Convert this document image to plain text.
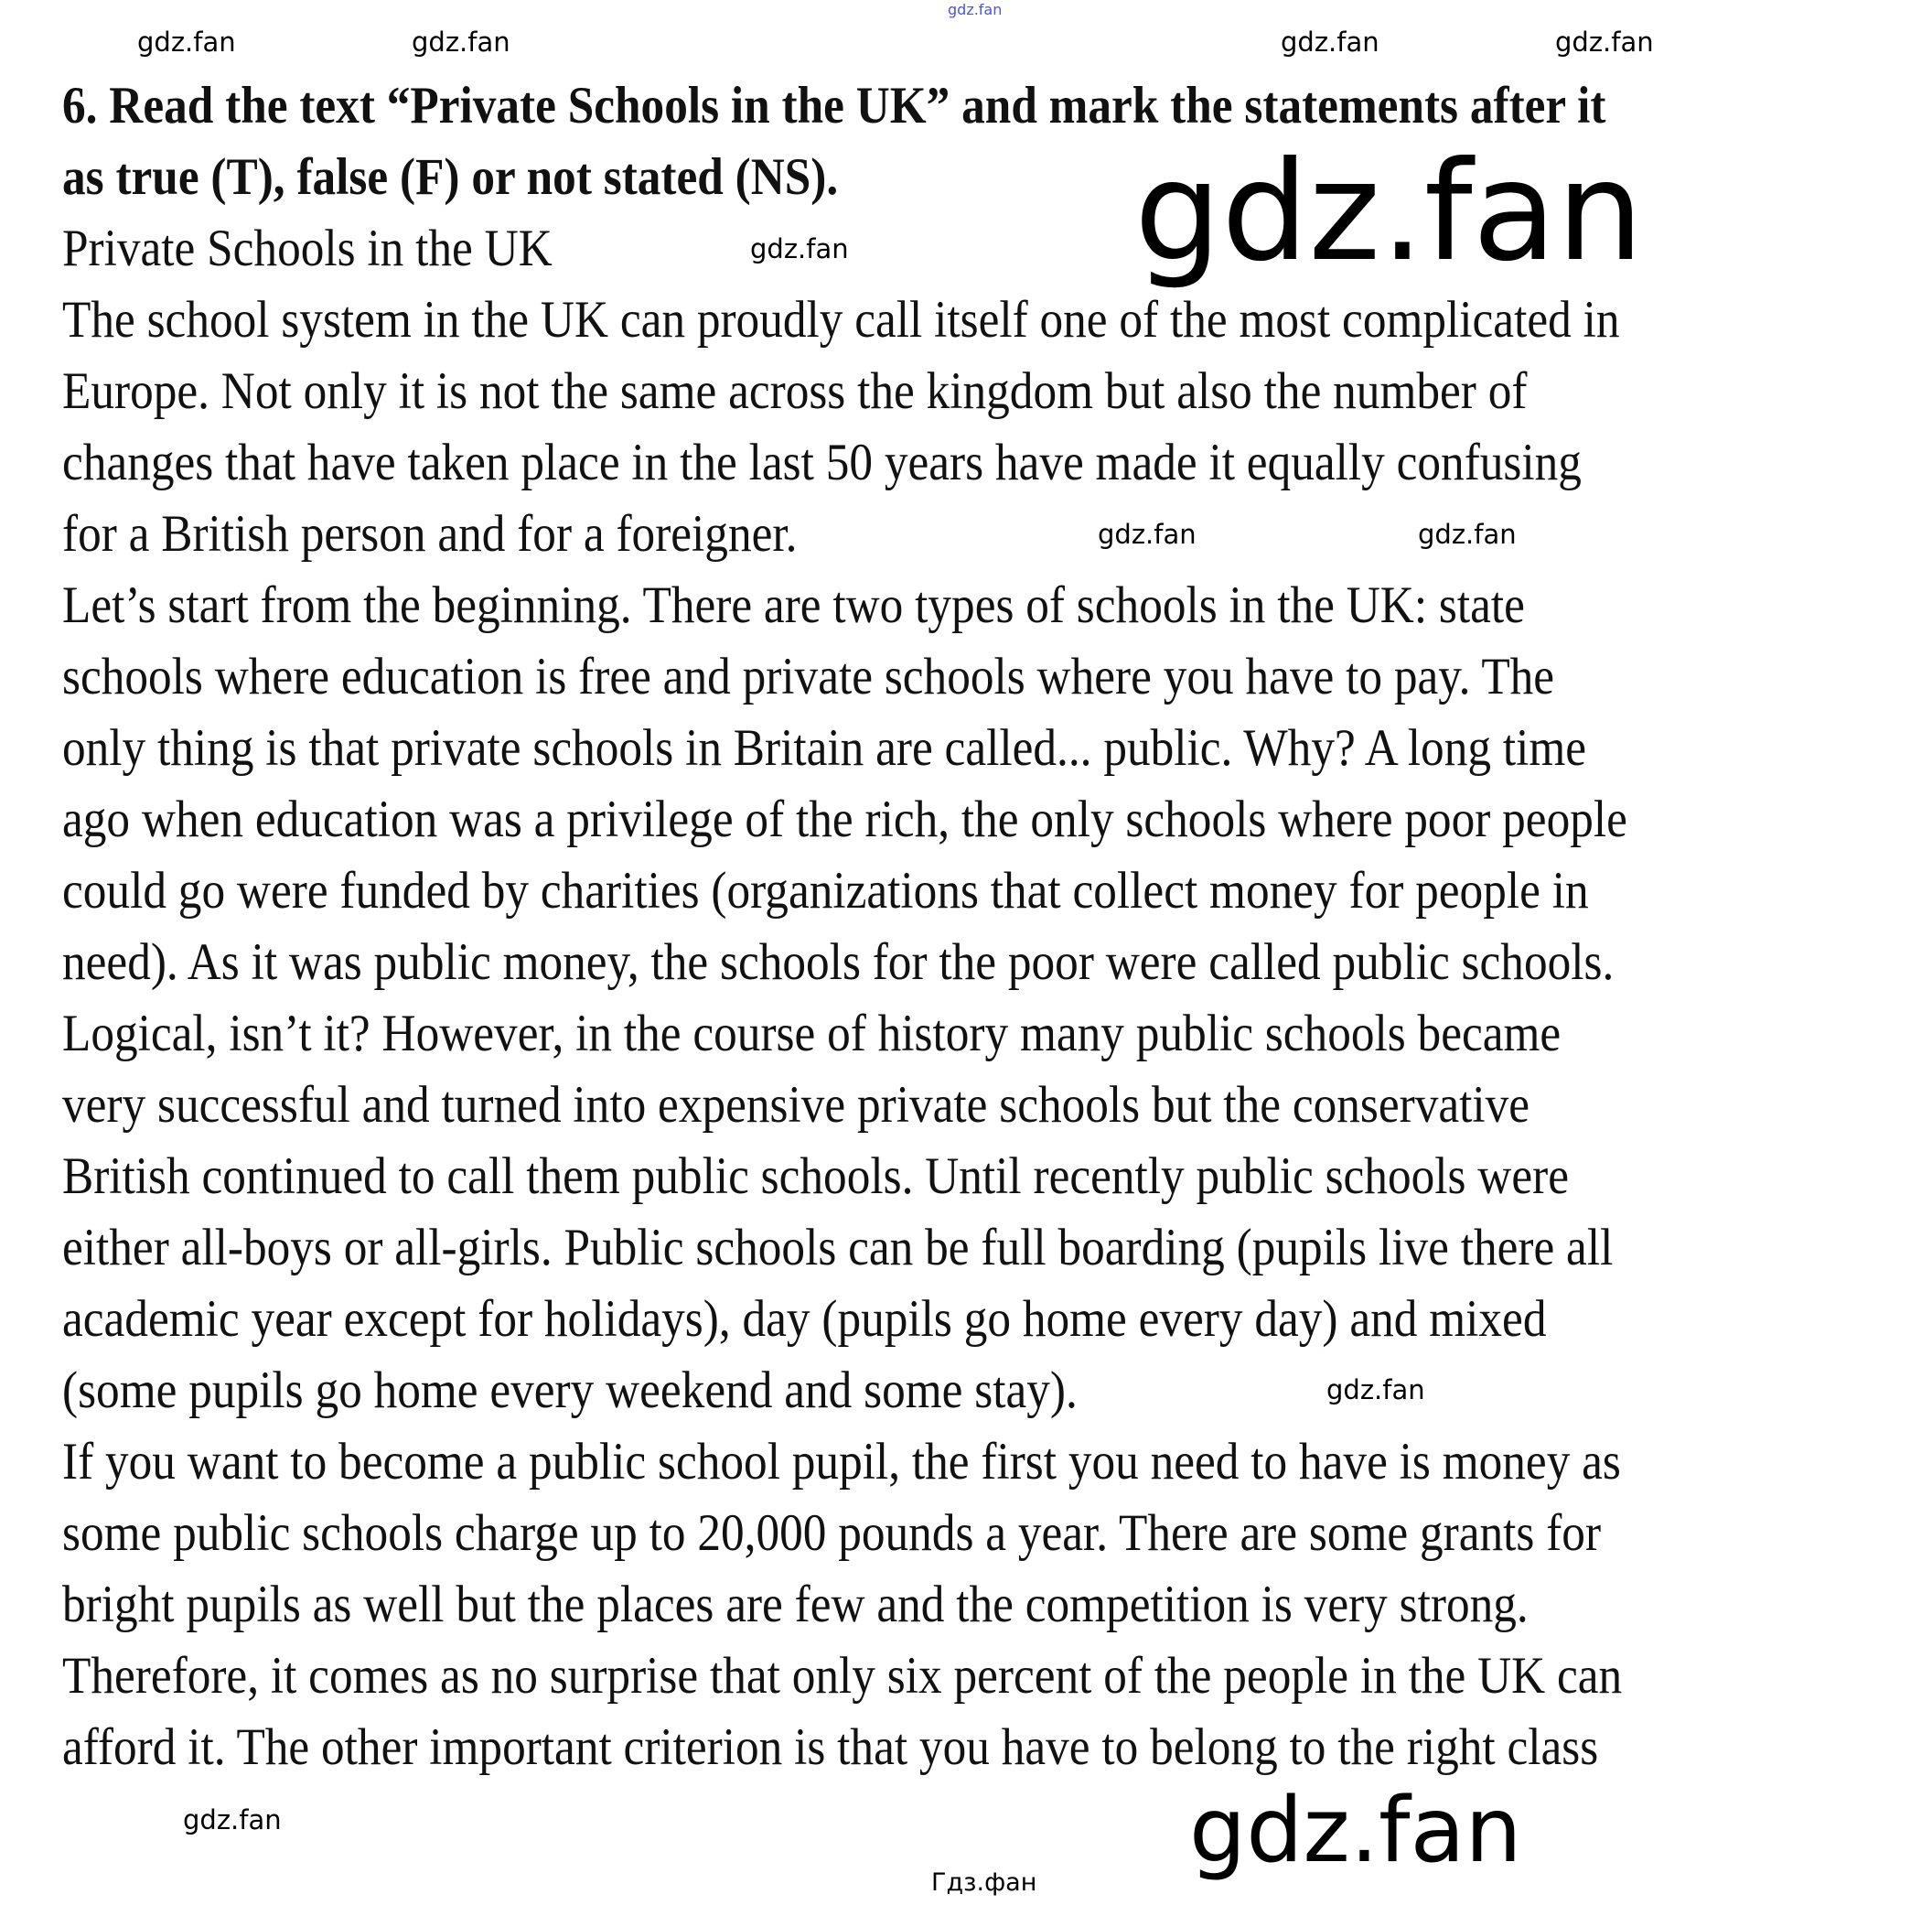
gdz.fan
6. Read the text “Private Schools in the UK” and mark the statements after it
as true (T), false (F) or not stated (NS).
Private Schools in the UK
The school system in the UK can proudly call itself one of the most complicated in
Europe. Not only it is not the same across the kingdom but also the number of
changes that have taken place in the last 50 years have made it equally confusing
for a British person and for a foreigner.
Let’s start from the beginning. There are two types of schools in the UK: state
schools where education is free and private schools where you have to pay. The
only thing is that private schools in Britain are called... public. Why? A long time
ago when education was a privilege of the rich, the only schools where poor people
could go were funded by charities (organizations that collect money for people in
need). As it was public money, the schools for the poor were called public schools.
Logical, isn’t it? However, in the course of history many public schools became
very successful and turned into expensive private schools but the conservative
British continued to call them public schools. Until recently public schools were
either all-boys or all-girls. Public schools can be full boarding (pupils live there all
academic year except for holidays), day (pupils go home every day) and mixed
(some pupils go home every weekend and some stay).
If you want to become a public school pupil, the first you need to have is money as
some public schools charge up to 20,000 pounds a year. There are some grants for
bright pupils as well but the places are few and the competition is very strong.
Therefore, it comes as no surprise that only six percent of the people in the UK can
afford it. The other important criterion is that you have to belong to the right class
gdz.fan
gdz.fan
gdz.fan	gdz.fan	gdz.fan	gdz.fan
gdz.fan
gdz.fan	gdz.fan
gdz.fan
gdz.fan
Гдз.фан
